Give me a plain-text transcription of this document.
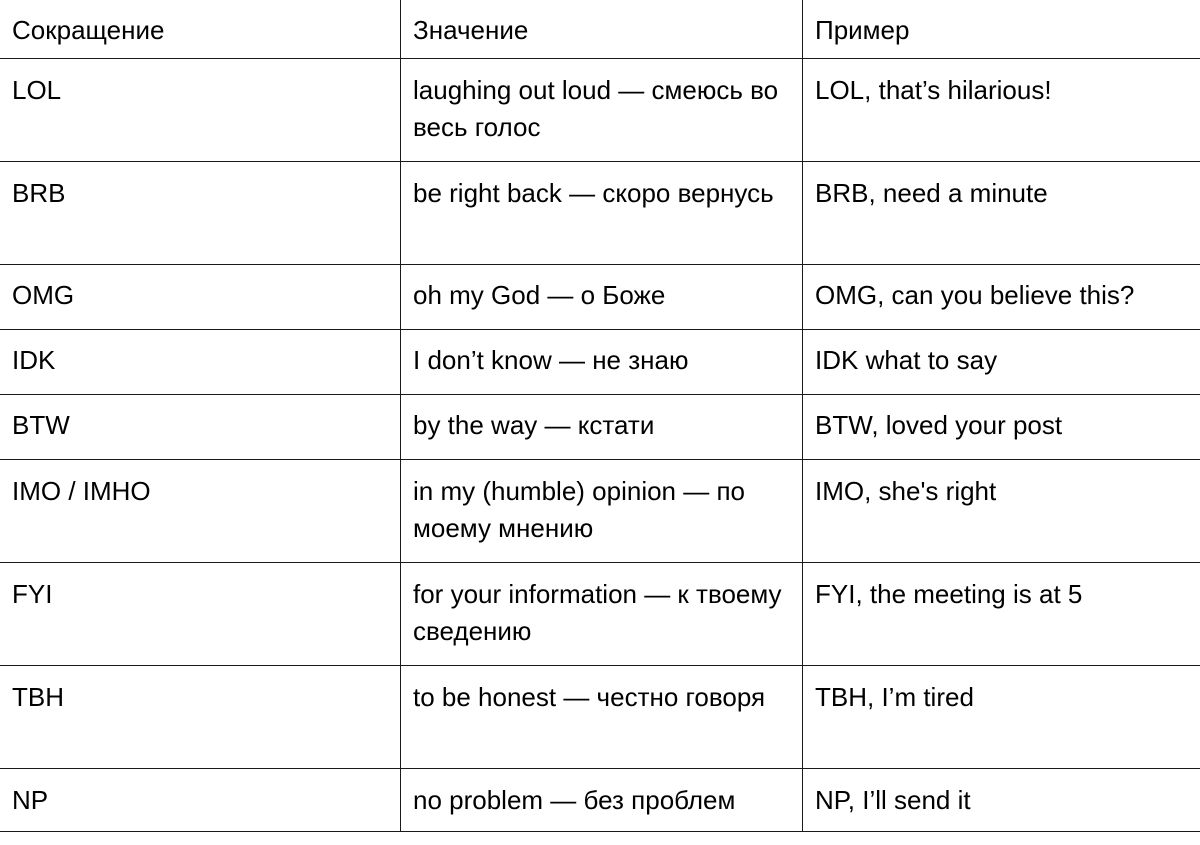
Сокращение	Значение	Пример
LOL	laughing out loud — смеюсь во весь голос	LOL, that’s hilarious!
BRB	be right back — скоро вернусь	BRB, need a minute
OMG	oh my God — о Боже	OMG, can you believe this?
IDK	I don’t know — не знаю	IDK what to say
BTW	by the way — кстати	BTW, loved your post
IMO / IMHO	in my (humble) opinion — по моему мнению	IMO, she's right
FYI	for your information — к твоему сведению	FYI, the meeting is at 5
TBH	to be honest — честно говоря	TBH, I’m tired
NP	no problem — без проблем	NP, I’ll send it
